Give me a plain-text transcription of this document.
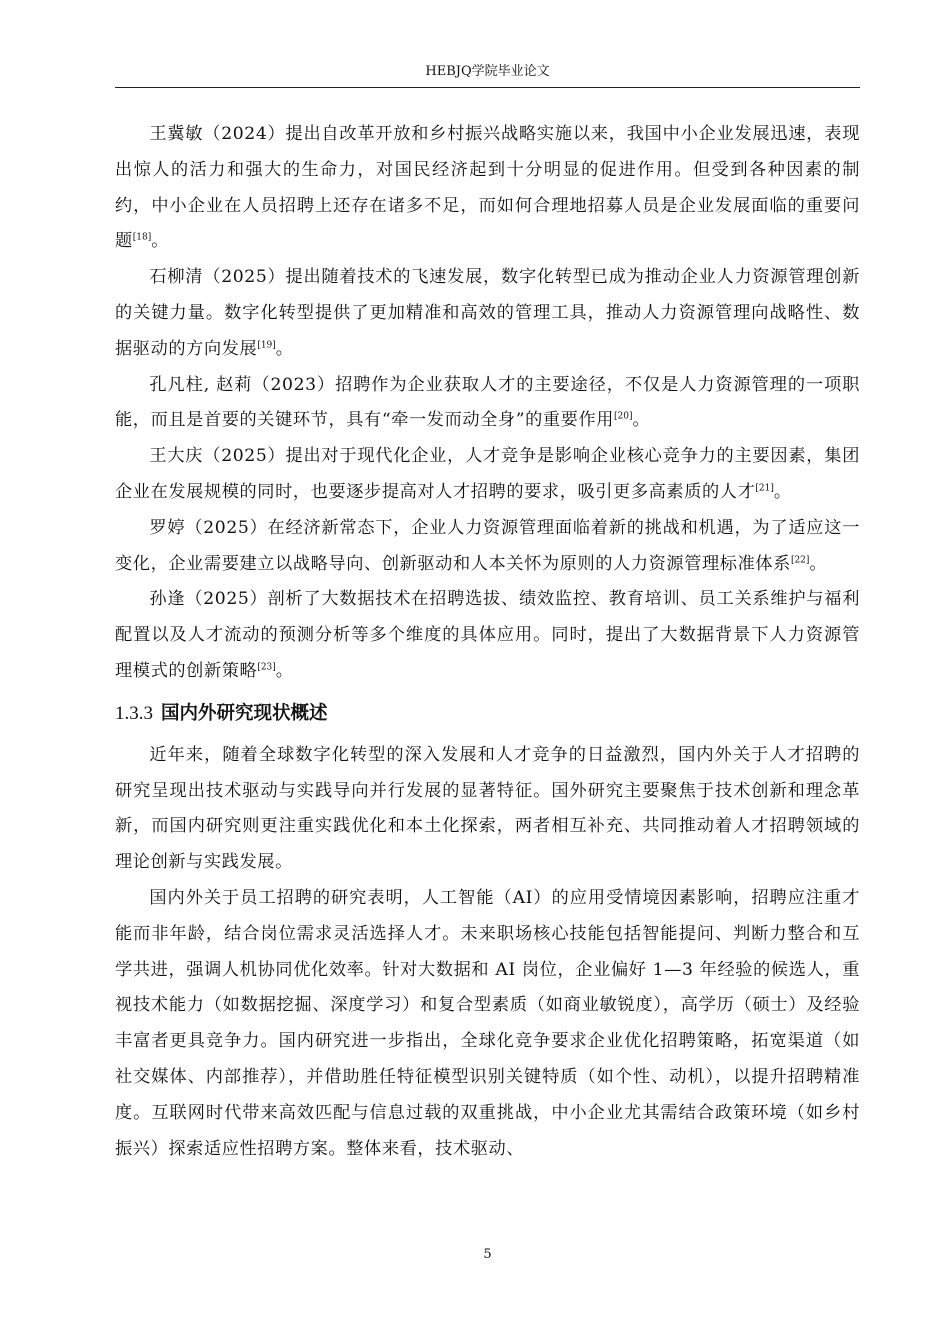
HEBJQ学院毕业论文

王冀敏（2024）提出自改革开放和乡村振兴战略实施以来，我国中小企业发展迅速，表现出惊人的活力和强大的生命力，对国民经济起到十分明显的促进作用。但受到各种因素的制约，中小企业在人员招聘上还存在诸多不足，而如何合理地招募人员是企业发展面临的重要问题[18]。

石柳清（2025）提出随着技术的飞速发展，数字化转型已成为推动企业人力资源管理创新的关键力量。数字化转型提供了更加精准和高效的管理工具，推动人力资源管理向战略性、数据驱动的方向发展[19]。

孔凡柱, 赵莉（2023）招聘作为企业获取人才的主要途径，不仅是人力资源管理的一项职能，而且是首要的关键环节，具有“牵一发而动全身”的重要作用[20]。

王大庆（2025）提出对于现代化企业，人才竞争是影响企业核心竞争力的主要因素，集团企业在发展规模的同时，也要逐步提高对人才招聘的要求，吸引更多高素质的人才[21]。

罗婷（2025）在经济新常态下，企业人力资源管理面临着新的挑战和机遇，为了适应这一变化，企业需要建立以战略导向、创新驱动和人本关怀为原则的人力资源管理标准体系[22]。

孙逢（2025）剖析了大数据技术在招聘选拔、绩效监控、教育培训、员工关系维护与福利配置以及人才流动的预测分析等多个维度的具体应用。同时，提出了大数据背景下人力资源管理模式的创新策略[23]。

1.3.3 国内外研究现状概述

近年来，随着全球数字化转型的深入发展和人才竞争的日益激烈，国内外关于人才招聘的研究呈现出技术驱动与实践导向并行发展的显著特征。国外研究主要聚焦于技术创新和理念革新，而国内研究则更注重实践优化和本土化探索，两者相互补充、共同推动着人才招聘领域的理论创新与实践发展。

国内外关于员工招聘的研究表明，人工智能（AI）的应用受情境因素影响，招聘应注重才能而非年龄，结合岗位需求灵活选择人才。未来职场核心技能包括智能提问、判断力整合和互学共进，强调人机协同优化效率。针对大数据和 AI 岗位，企业偏好 1—3 年经验的候选人，重视技术能力（如数据挖掘、深度学习）和复合型素质（如商业敏锐度），高学历（硕士）及经验丰富者更具竞争力。国内研究进一步指出，全球化竞争要求企业优化招聘策略，拓宽渠道（如社交媒体、内部推荐），并借助胜任特征模型识别关键特质（如个性、动机），以提升招聘精准度。互联网时代带来高效匹配与信息过载的双重挑战，中小企业尤其需结合政策环境（如乡村振兴）探索适应性招聘方案。整体来看，技术驱动、

5
